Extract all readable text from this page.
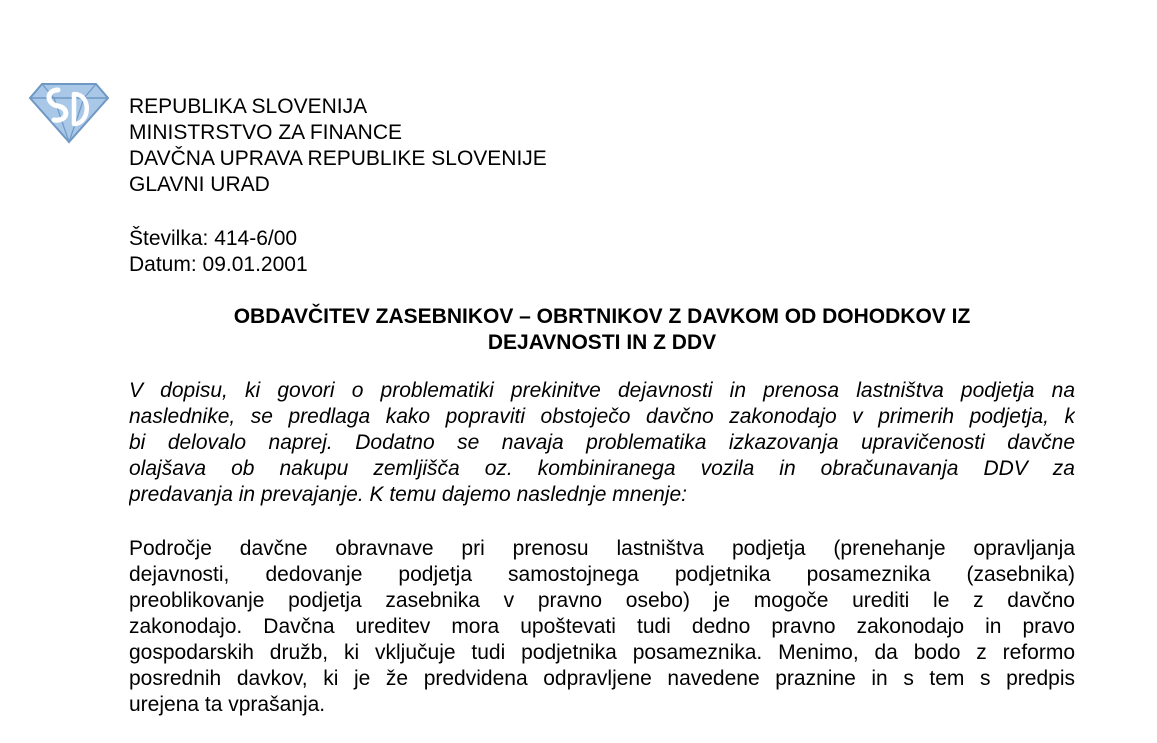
REPUBLIKA SLOVENIJA
MINISTRSTVO ZA FINANCE
DAVČNA UPRAVA REPUBLIKE SLOVENIJE
GLAVNI URAD
Številka: 414-6/00
Datum: 09.01.2001
OBDAVČITEV ZASEBNIKOV – OBRTNIKOV Z DAVKOM OD DOHODKOV IZ
DEJAVNOSTI IN Z DDV
V dopisu, ki govori o problematiki prekinitve dejavnosti in prenosa lastništva podjetja na
naslednike, se predlaga kako popraviti obstoječo davčno zakonodajo v primerih podjetja, k
bi delovalo naprej. Dodatno se navaja problematika izkazovanja upravičenosti davčne
olajšava ob nakupu zemljišča oz. kombiniranega vozila in obračunavanja DDV za
predavanja in prevajanje. K temu dajemo naslednje mnenje:
Področje davčne obravnave pri prenosu lastništva podjetja (prenehanje opravljanja
dejavnosti, dedovanje podjetja samostojnega podjetnika posameznika (zasebnika)
preoblikovanje podjetja zasebnika v pravno osebo) je mogoče urediti le z davčno
zakonodajo. Davčna ureditev mora upoštevati tudi dedno pravno zakonodajo in pravo
gospodarskih družb, ki vključuje tudi podjetnika posameznika. Menimo, da bodo z reformo
posrednih davkov, ki je že predvidena odpravljene navedene praznine in s tem s predpis
urejena ta vprašanja.
